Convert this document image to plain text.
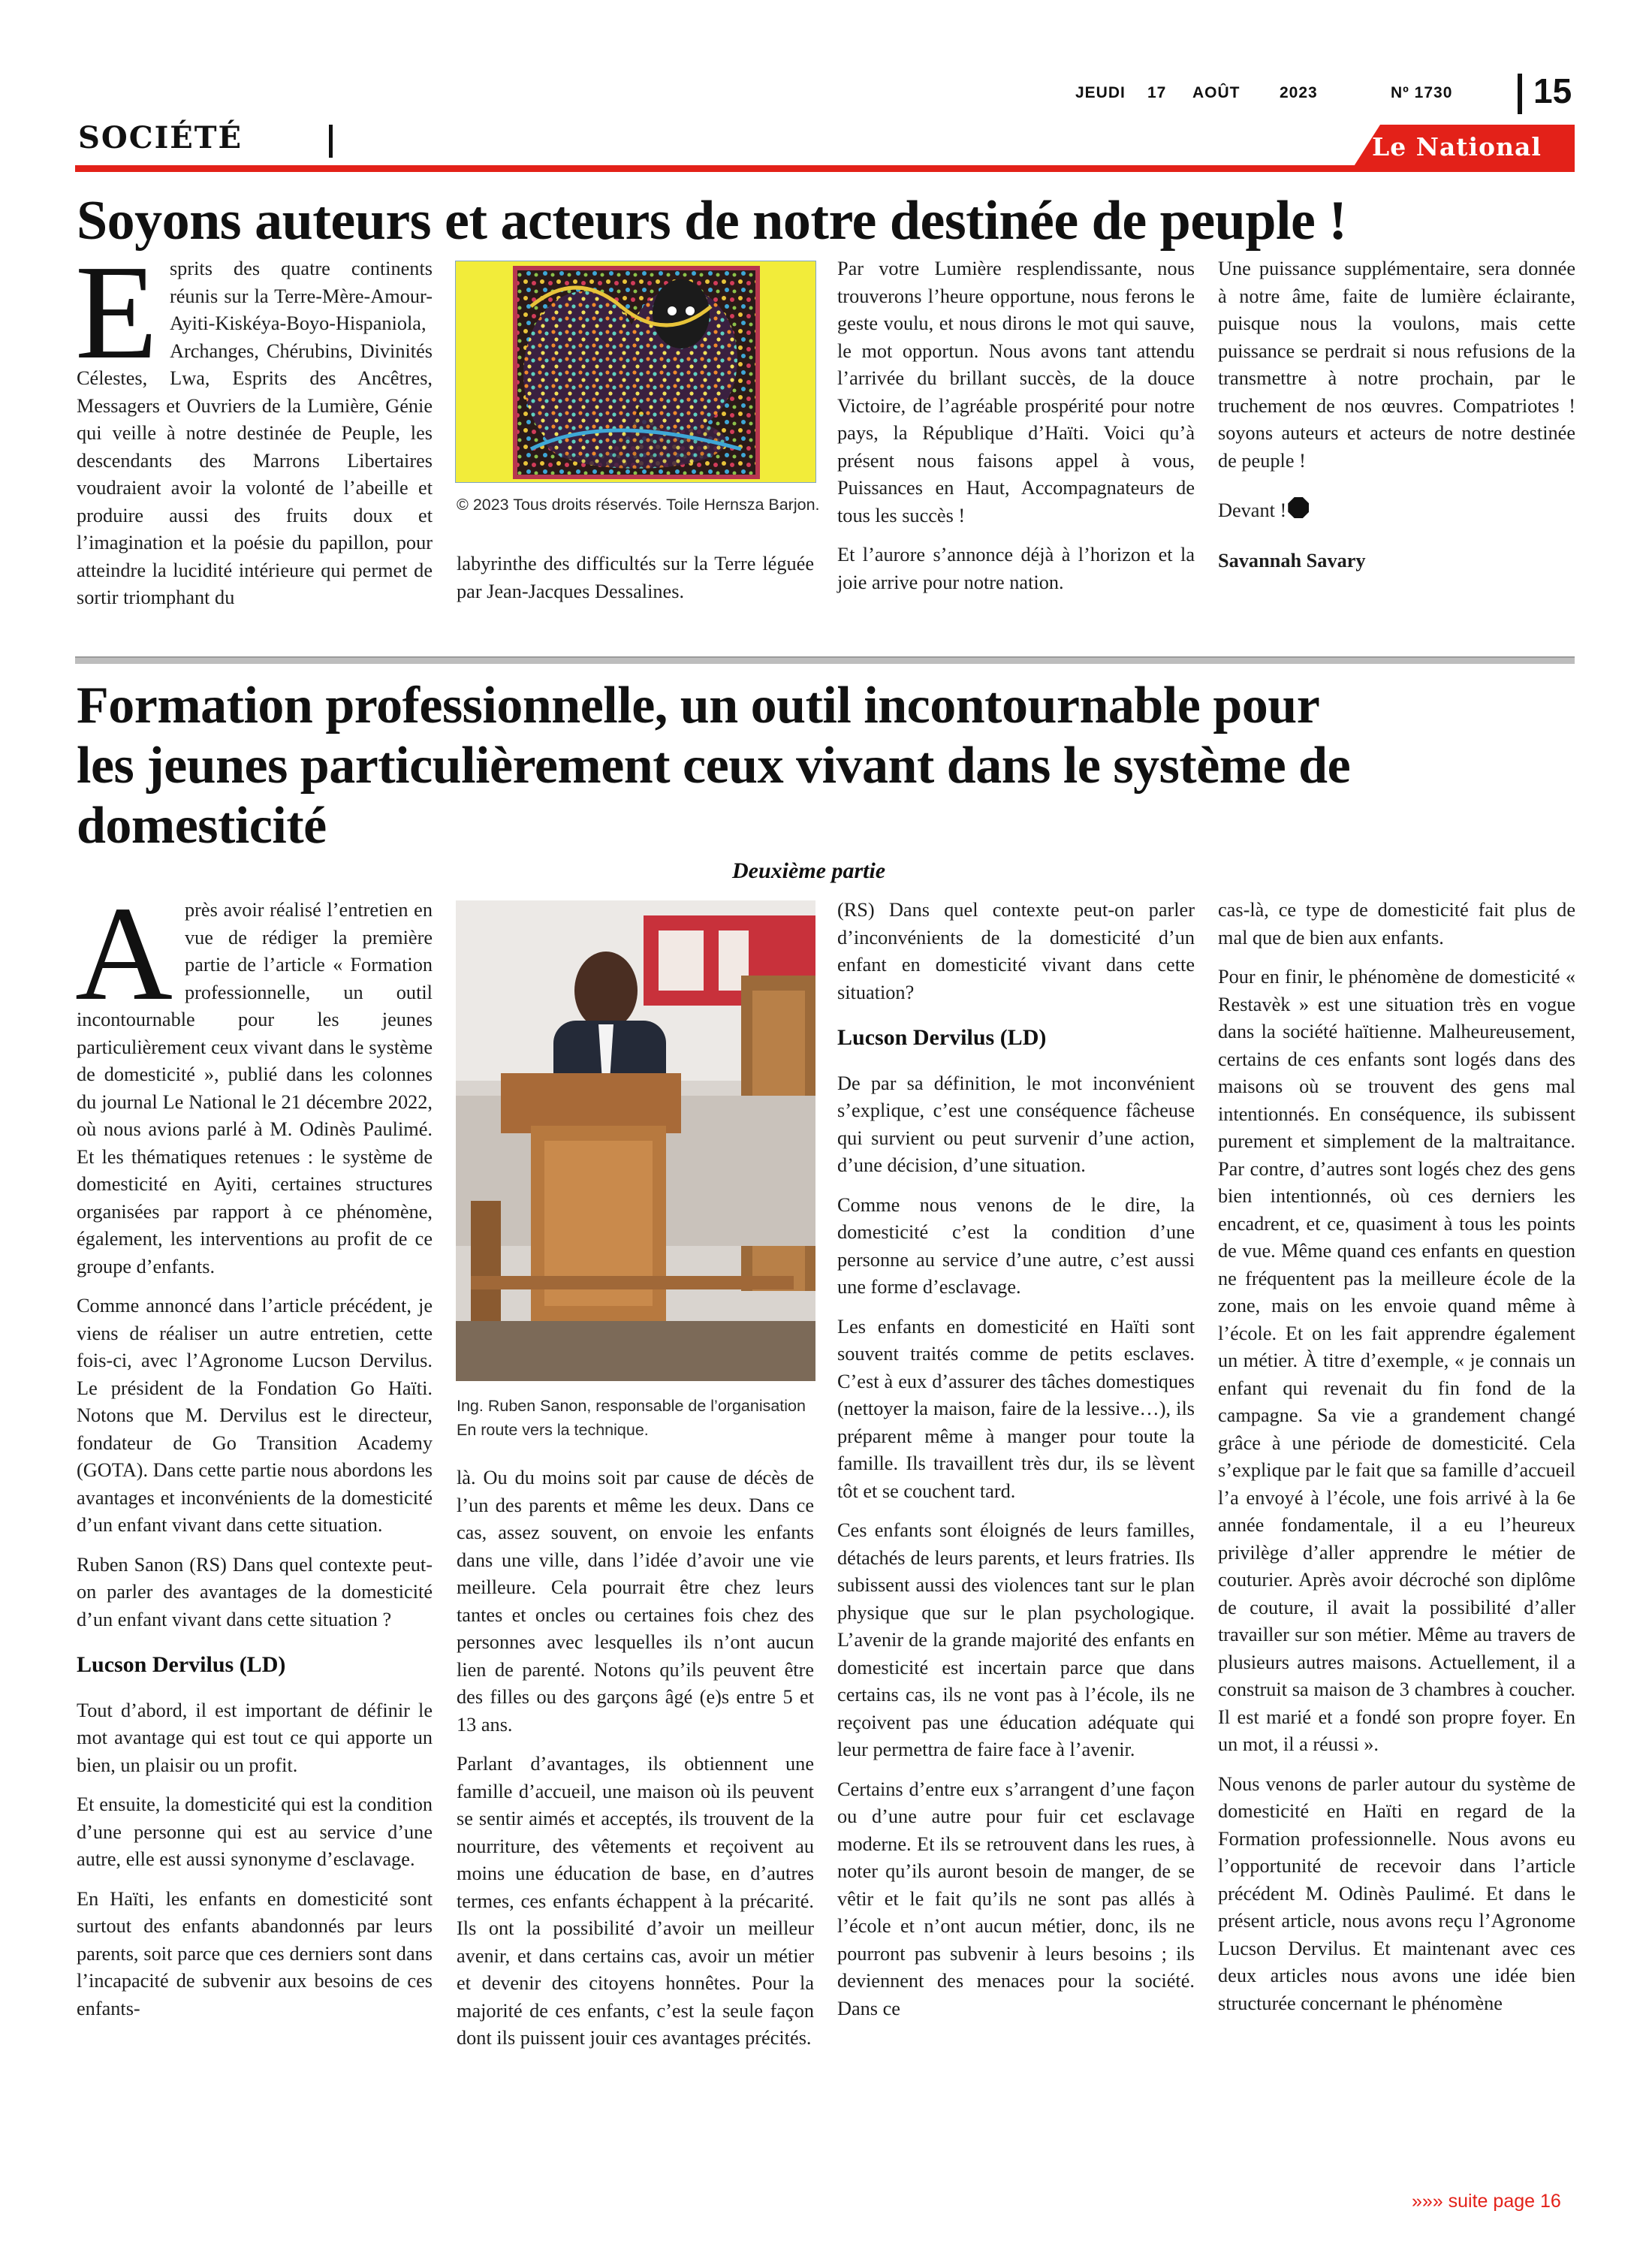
JEUDI 17 AOÛT	2023	Nº 1730 15
SOCIÉTÉ	Le National
Soyons auteurs et acteurs de notre destinée de peuple !

Esprits des quatre continents réunis sur la Terre-Mère-Amour-Ayiti-Kiskéya-Boyo-Hispaniola, Archanges, Chérubins, Divinités Célestes, Lwa, Esprits des Ancêtres, Messagers et Ouvriers de la Lumière, Génie qui veille à notre destinée de Peuple, les descendants des Marrons Libertaires voudraient avoir la volonté de l’abeille et produire aussi des fruits doux et l’imagination et la poésie du papillon, pour atteindre la lucidité intérieure qui permet de sortir triomphant du

© 2023 Tous droits réservés. Toile Hernsza Barjon.

labyrinthe des difficultés sur la Terre léguée par Jean-Jacques Dessalines.

Par votre Lumière resplendissante, nous trouverons l’heure opportune, nous ferons le geste voulu, et nous dirons le mot qui sauve, le mot opportun. Nous avons tant attendu l’arrivée du brillant succès, de la douce Victoire, de l’agréable prospérité pour notre pays, la République d’Haïti. Voici qu’à présent nous faisons appel à vous, Puissances en Haut, Accompagnateurs de tous les succès !

Et l’aurore s’annonce déjà à l’horizon et la joie arrive pour notre nation.

Une puissance supplémentaire, sera donnée à notre âme, faite de lumière éclairante, puisque nous la voulons, mais cette puissance se perdrait si nous refusions de la transmettre à notre prochain, par le truchement de nos œuvres. Compatriotes ! soyons auteurs et acteurs de notre destinée de peuple !

Devant !

Savannah Savary

Formation professionnelle, un outil incontournable pour
les jeunes particulièrement ceux vivant dans le système de
domesticité
Deuxième partie

Après avoir réalisé l’entretien en vue de rédiger la première partie de l’article « Formation professionnelle, un outil incontournable pour les jeunes particulièrement ceux vivant dans le système de domesticité », publié dans les colonnes du journal Le National le 21 décembre 2022, où nous avions parlé à M. Odinès Paulimé. Et les thématiques retenues : le système de domesticité en Ayiti, certaines structures organisées par rapport à ce phénomène, également, les interventions au profit de ce groupe d’enfants.

Comme annoncé dans l’article précédent, je viens de réaliser un autre entretien, cette fois-ci, avec l’Agronome Lucson Dervilus. Le président de la Fondation Go Haïti. Notons que M. Dervilus est le directeur, fondateur de Go Transition Academy (GOTA). Dans cette partie nous abordons les avantages et inconvénients de la domesticité d’un enfant vivant dans cette situation.

Ruben Sanon (RS) Dans quel contexte peut-on parler des avantages de la domesticité d’un enfant vivant dans cette situation ?

Lucson Dervilus (LD)

Tout d’abord, il est important de définir le mot avantage qui est tout ce qui apporte un bien, un plaisir ou un profit.

Et ensuite, la domesticité qui est la condition d’une personne qui est au service d’une autre, elle est aussi synonyme d’esclavage.

En Haïti, les enfants en domesticité sont surtout des enfants abandonnés par leurs parents, soit parce que ces derniers sont dans l’incapacité de subvenir aux besoins de ces enfants-

Ing. Ruben Sanon, responsable de l’organisation En route vers la technique.

là. Ou du moins soit par cause de décès de l’un des parents et même les deux. Dans ce cas, assez souvent, on envoie les enfants dans une ville, dans l’idée d’avoir une vie meilleure. Cela pourrait être chez leurs tantes et oncles ou certaines fois chez des personnes avec lesquelles ils n’ont aucun lien de parenté. Notons qu’ils peuvent être des filles ou des garçons âgé (e)s entre 5 et 13 ans.

Parlant d’avantages, ils obtiennent une famille d’accueil, une maison où ils peuvent se sentir aimés et acceptés, ils trouvent de la nourriture, des vêtements et reçoivent au moins une éducation de base, en d’autres termes, ces enfants échappent à la précarité. Ils ont la possibilité d’avoir un meilleur avenir, et dans certains cas, avoir un métier et devenir des citoyens honnêtes. Pour la majorité de ces enfants, c’est la seule façon dont ils puissent jouir ces avantages précités.

(RS) Dans quel contexte peut-on parler d’inconvénients de la domesticité d’un enfant en domesticité vivant dans cette situation?

Lucson Dervilus (LD)

De par sa définition, le mot inconvénient s’explique, c’est une conséquence fâcheuse qui survient ou peut survenir d’une action, d’une décision, d’une situation.

Comme nous venons de le dire, la domesticité c’est la condition d’une personne au service d’une autre, c’est aussi une forme d’esclavage.

Les enfants en domesticité en Haïti sont souvent traités comme de petits esclaves. C’est à eux d’assurer des tâches domestiques (nettoyer la maison, faire de la lessive…), ils préparent même à manger pour toute la famille. Ils travaillent très dur, ils se lèvent tôt et se couchent tard.

Ces enfants sont éloignés de leurs familles, détachés de leurs parents, et leurs fratries. Ils subissent aussi des violences tant sur le plan physique que sur le plan psychologique. L’avenir de la grande majorité des enfants en domesticité est incertain parce que dans certains cas, ils ne vont pas à l’école, ils ne reçoivent pas une éducation adéquate qui leur permettra de faire face à l’avenir.

Certains d’entre eux s’arrangent d’une façon ou d’une autre pour fuir cet esclavage moderne. Et ils se retrouvent dans les rues, à noter qu’ils auront besoin de manger, de se vêtir et le fait qu’ils ne sont pas allés à l’école et n’ont aucun métier, donc, ils ne pourront pas subvenir à leurs besoins ; ils deviennent des menaces pour la société. Dans ce

cas-là, ce type de domesticité fait plus de mal que de bien aux enfants.

Pour en finir, le phénomène de domesticité « Restavèk » est une situation très en vogue dans la société haïtienne. Malheureusement, certains de ces enfants sont logés dans des maisons où se trouvent des gens mal intentionnés. En conséquence, ils subissent purement et simplement de la maltraitance. Par contre, d’autres sont logés chez des gens bien intentionnés, où ces derniers les encadrent, et ce, quasiment à tous les points de vue. Même quand ces enfants en question ne fréquentent pas la meilleure école de la zone, mais on les envoie quand même à l’école. Et on les fait apprendre également un métier. À titre d’exemple, « je connais un enfant qui revenait du fin fond de la campagne. Sa vie a grandement changé grâce à une période de domesticité. Cela s’explique par le fait que sa famille d’accueil l’a envoyé à l’école, une fois arrivé à la 6e année fondamentale, il a eu l’heureux privilège d’aller apprendre le métier de couturier. Après avoir décroché son diplôme de couture, il avait la possibilité d’aller travailler sur son métier. Même au travers de plusieurs autres maisons. Actuellement, il a construit sa maison de 3 chambres à coucher. Il est marié et a fondé son propre foyer. En un mot, il a réussi ».

Nous venons de parler autour du système de domesticité en Haïti en regard de la Formation professionnelle. Nous avons eu l’opportunité de recevoir dans l’article précédent M. Odinès Paulimé. Et dans le présent article, nous avons reçu l’Agronome Lucson Dervilus. Et maintenant avec ces deux articles nous avons une idée bien structurée concernant le phénomène

»»» suite page 16
